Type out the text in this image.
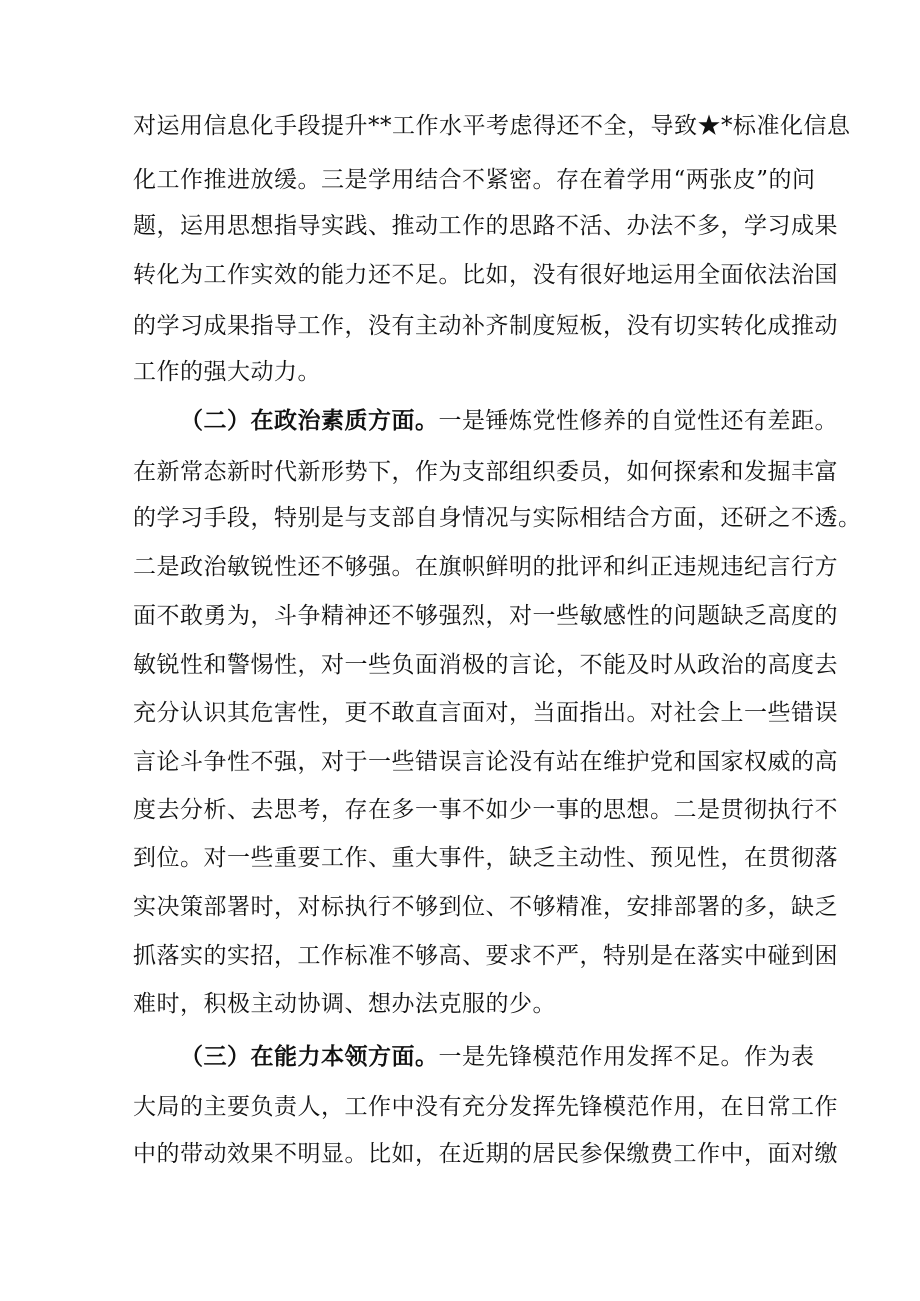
对运用信息化手段提升**工作水平考虑得还不全，导致★*标准化信息
化工作推进放缓。三是学用结合不紧密。存在着学用“两张皮”的问
题，运用思想指导实践、推动工作的思路不活、办法不多，学习成果
转化为工作实效的能力还不足。比如，没有很好地运用全面依法治国
的学习成果指导工作，没有主动补齐制度短板，没有切实转化成推动
工作的强大动力。
（二）在政治素质方面。一是锤炼党性修养的自觉性还有差距。
在新常态新时代新形势下，作为支部组织委员，如何探索和发掘丰富
的学习手段，特别是与支部自身情况与实际相结合方面，还研之不透。
二是政治敏锐性还不够强。在旗帜鲜明的批评和纠正违规违纪言行方
面不敢勇为，斗争精神还不够强烈，对一些敏感性的问题缺乏高度的
敏锐性和警惕性，对一些负面消极的言论，不能及时从政治的高度去
充分认识其危害性，更不敢直言面对，当面指出。对社会上一些错误
言论斗争性不强，对于一些错误言论没有站在维护党和国家权威的高
度去分析、去思考，存在多一事不如少一事的思想。二是贯彻执行不
到位。对一些重要工作、重大事件，缺乏主动性、预见性，在贯彻落
实决策部署时，对标执行不够到位、不够精准，安排部署的多，缺乏
抓落实的实招，工作标准不够高、要求不严，特别是在落实中碰到困
难时，积极主动协调、想办法克服的少。
（三）在能力本领方面。一是先锋模范作用发挥不足。作为表
大局的主要负责人，工作中没有充分发挥先锋模范作用，在日常工作
中的带动效果不明显。比如，在近期的居民参保缴费工作中，面对缴
